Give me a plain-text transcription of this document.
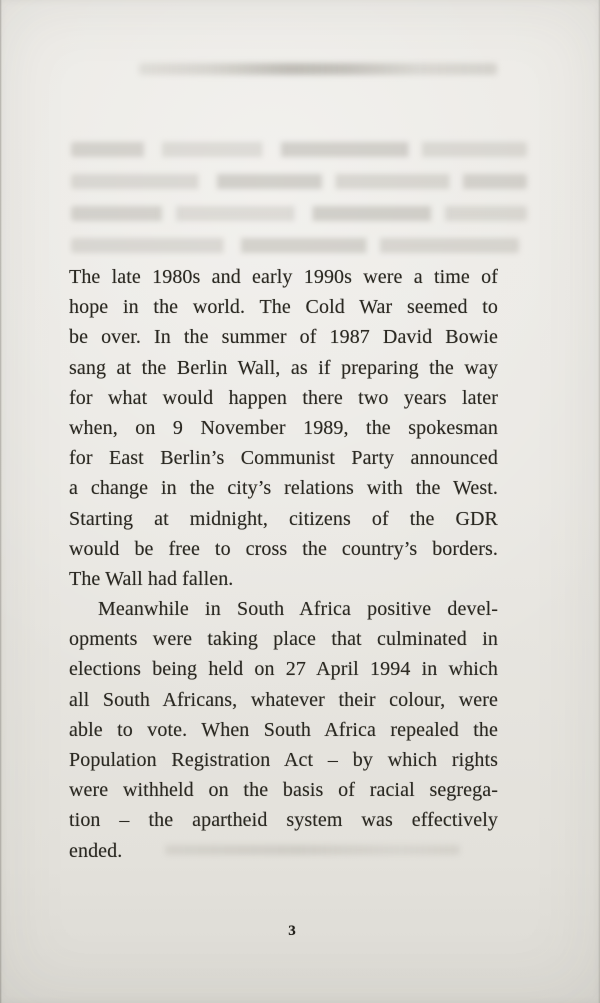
The late 1980s and early 1990s were a time of
hope in the world. The Cold War seemed to
be over. In the summer of 1987 David Bowie
sang at the Berlin Wall, as if preparing the way
for what would happen there two years later
when, on 9 November 1989, the spokesman
for East Berlin’s Communist Party announced
a change in the city’s relations with the West.
Starting at midnight, citizens of the GDR
would be free to cross the country’s borders.
The Wall had fallen.
Meanwhile in South Africa positive devel-
opments were taking place that culminated in
elections being held on 27 April 1994 in which
all South Africans, whatever their colour, were
able to vote. When South Africa repealed the
Population Registration Act – by which rights
were withheld on the basis of racial segrega-
tion – the apartheid system was effectively
ended.
3
